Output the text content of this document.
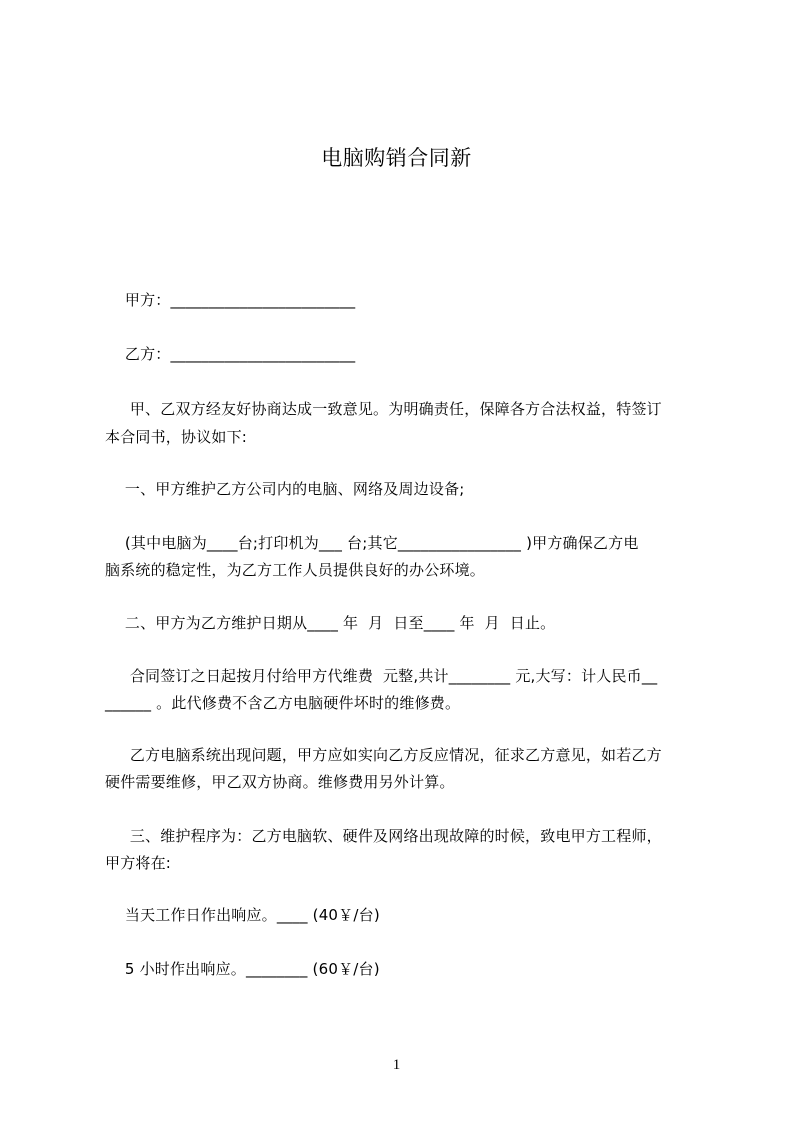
电脑购销合同新
甲方：________________________
乙方：________________________
甲、乙双方经友好协商达成一致意见。为明确责任，保障各方合法权益，特签订
本合同书，协议如下:
一、甲方维护乙方公司内的电脑、网络及周边设备;
(其中电脑为____台;打印机为___ 台;其它________________ )甲方确保乙方电
脑系统的稳定性，为乙方工作人员提供良好的办公环境。
二、甲方为乙方维护日期从____ 年  月  日至____ 年  月  日止。
合同签订之日起按月付给甲方代维费  元整,共计________ 元,大写：计人民币__
______ 。此代修费不含乙方电脑硬件坏时的维修费。
乙方电脑系统出现问题，甲方应如实向乙方反应情况，征求乙方意见，如若乙方
硬件需要维修，甲乙双方协商。维修费用另外计算。
三、维护程序为：乙方电脑软、硬件及网络出现故障的时候，致电甲方工程师，
甲方将在:
当天工作日作出响应。____ (40￥/台)
5 小时作出响应。________ (60￥/台)
1
